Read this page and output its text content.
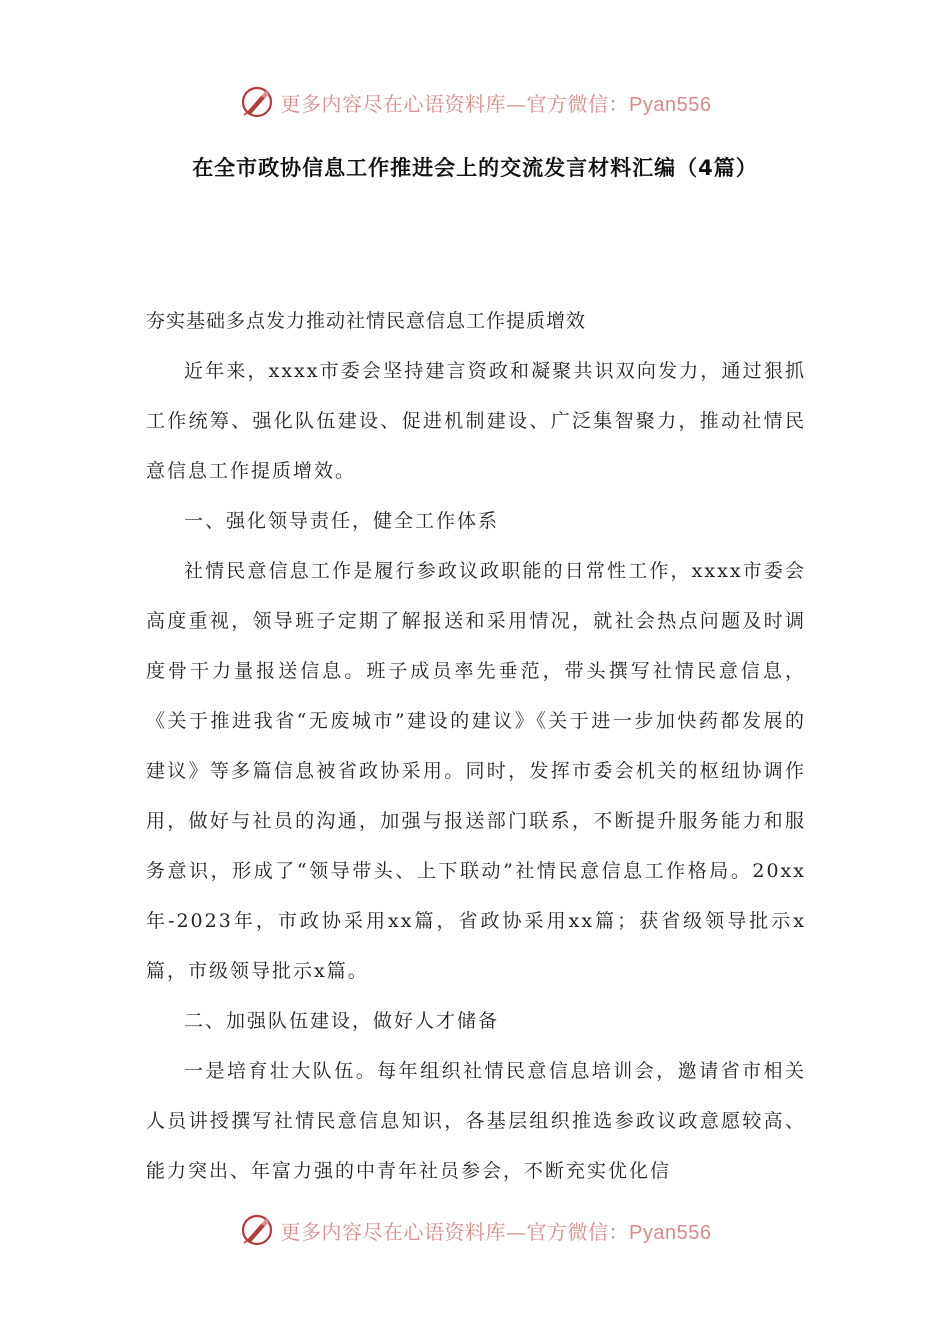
更多内容尽在心语资料库—官方微信：Pyan556
在全市政协信息工作推进会上的交流发言材料汇编（4篇）

夯实基础多点发力推动社情民意信息工作提质增效

近年来，xxxx市委会坚持建言资政和凝聚共识双向发力，通过狠抓工作统筹、强化队伍建设、促进机制建设、广泛集智聚力，推动社情民意信息工作提质增效。

一、强化领导责任，健全工作体系

社情民意信息工作是履行参政议政职能的日常性工作，xxxx市委会高度重视，领导班子定期了解报送和采用情况，就社会热点问题及时调度骨干力量报送信息。班子成员率先垂范，带头撰写社情民意信息，《关于推进我省“无废城市”建设的建议》《关于进一步加快药都发展的建议》等多篇信息被省政协采用。同时，发挥市委会机关的枢纽协调作用，做好与社员的沟通，加强与报送部门联系，不断提升服务能力和服务意识，形成了“领导带头、上下联动”社情民意信息工作格局。20xx年-2023年，市政协采用xx篇，省政协采用xx篇；获省级领导批示x篇，市级领导批示x篇。

二、加强队伍建设，做好人才储备

一是培育壮大队伍。每年组织社情民意信息培训会，邀请省市相关人员讲授撰写社情民意信息知识，各基层组织推选参政议政意愿较高、能力突出、年富力强的中青年社员参会，不断充实优化信

更多内容尽在心语资料库—官方微信：Pyan556
